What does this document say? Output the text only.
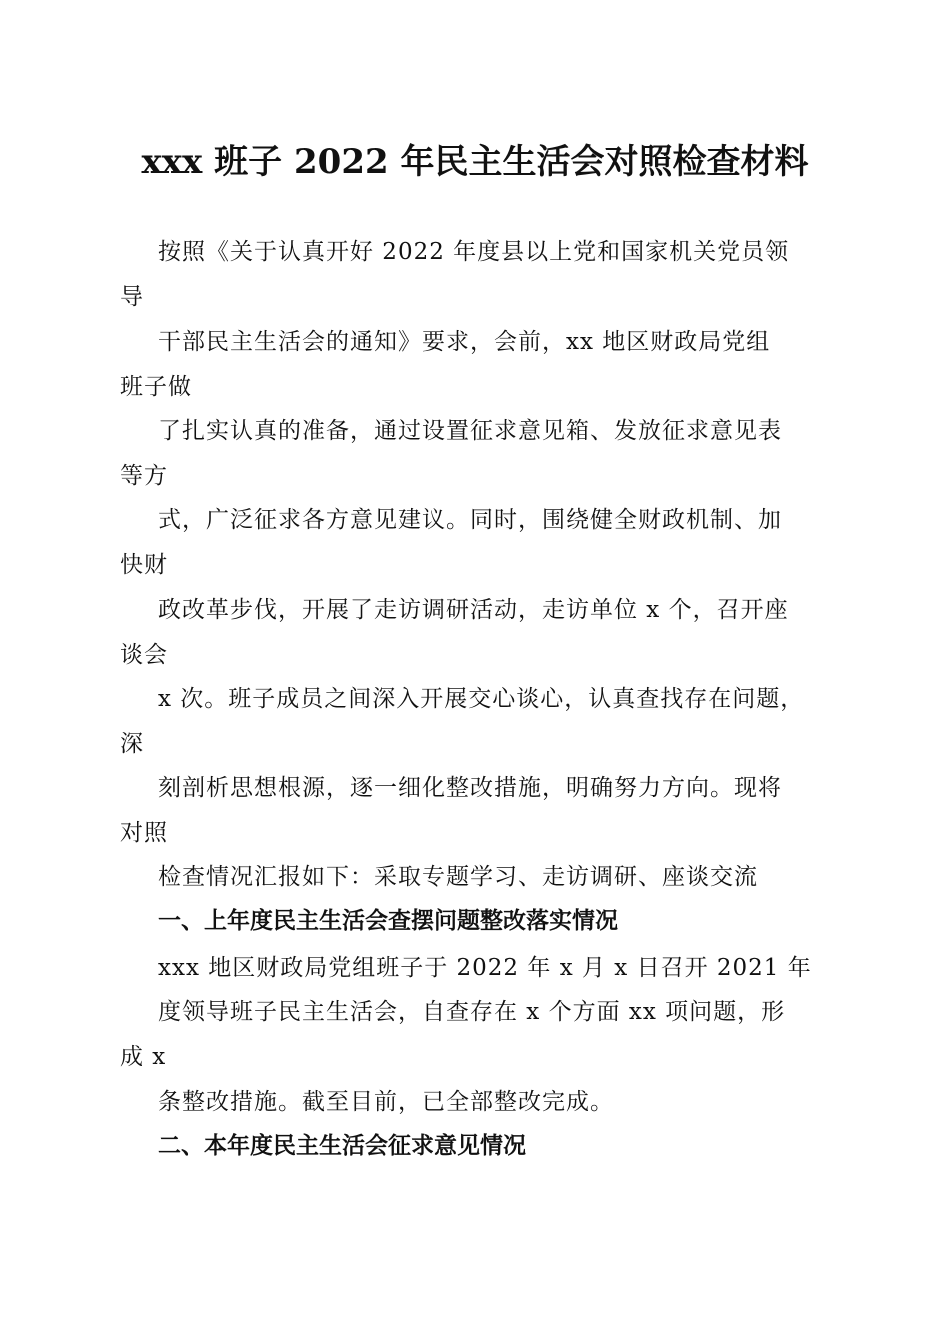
xxx 班子 2022 年民主生活会对照检查材料
按照《关于认真开好 2022 年度县以上党和国家机关党员领
导
干部民主生活会的通知》要求，会前，xx 地区财政局党组
班子做
了扎实认真的准备，通过设置征求意见箱、发放征求意见表
等方
式，广泛征求各方意见建议。同时，围绕健全财政机制、加
快财
政改革步伐，开展了走访调研活动，走访单位 x 个，召开座
谈会
x 次。班子成员之间深入开展交心谈心，认真查找存在问题，
深
刻剖析思想根源，逐一细化整改措施，明确努力方向。现将
对照
检查情况汇报如下：采取专题学习、走访调研、座谈交流
一、上年度民主生活会查摆问题整改落实情况
xxx 地区财政局党组班子于 2022 年 x 月 x 日召开 2021 年
度领导班子民主生活会，自查存在 x 个方面 xx 项问题，形
成 x
条整改措施。截至目前，已全部整改完成。
二、本年度民主生活会征求意见情况
